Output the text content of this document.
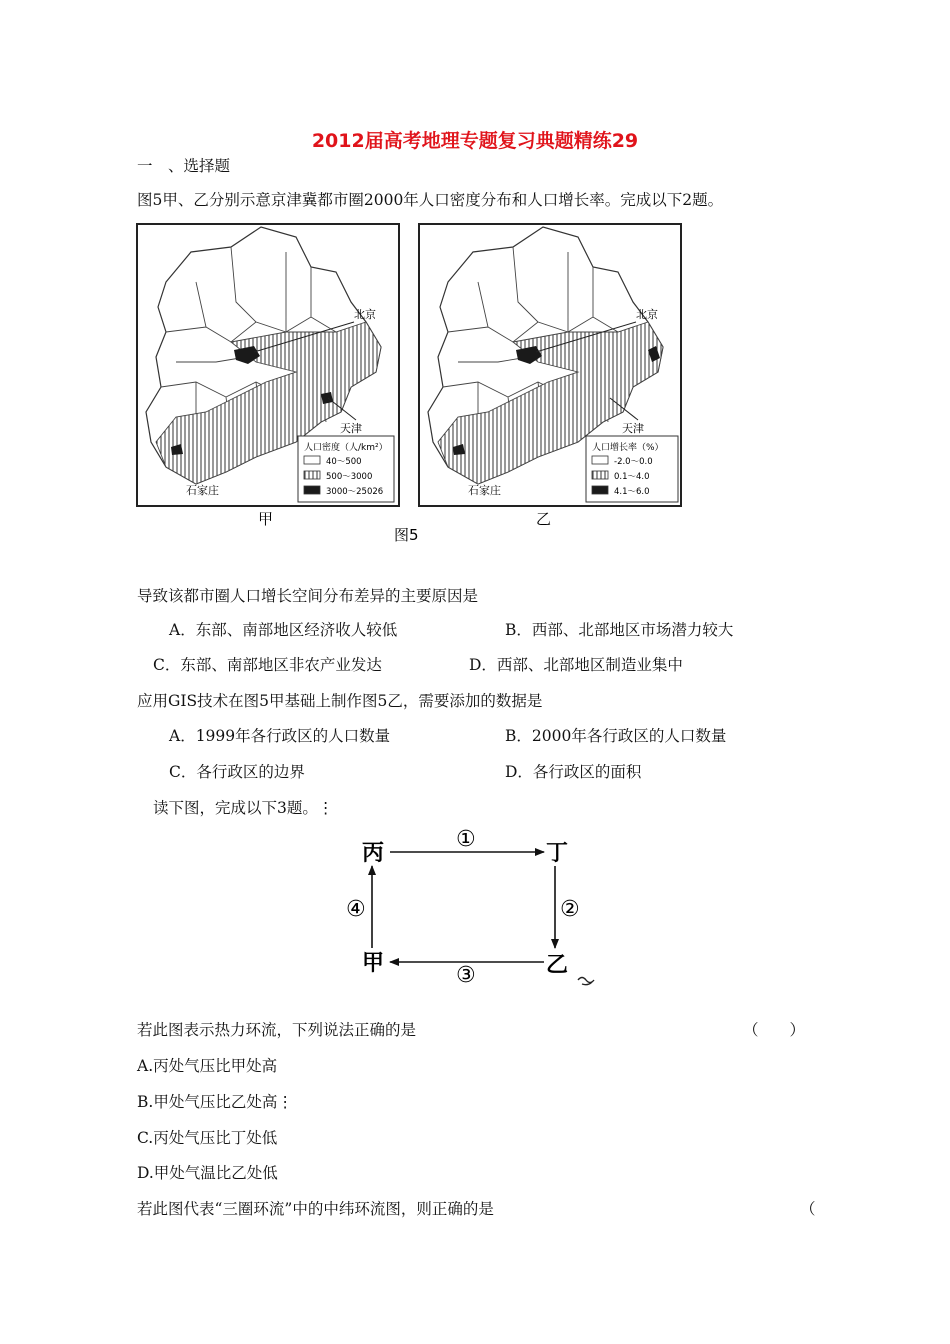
2012届高考地理专题复习典题精练29
一　、选择题
图5甲、乙分别示意京津冀都市圈2000年人口密度分布和人口增长率。完成以下2题。
北京
天津
石家庄
人口密度（人/km²）
40～500
500～3000
3000～25026
甲
北京
天津
石家庄
人口增长率（%）
-2.0～0.0
0.1～4.0
4.1～6.0
乙
图5
导致该都市圈人口增长空间分布差异的主要原因是
A．东部、南部地区经济收人较低	B．西部、北部地区市场潜力较大
C．东部、南部地区非农产业发达	D．西部、北部地区制造业集中
应用GIS技术在图5甲基础上制作图5乙，需要添加的数据是
A．1999年各行政区的人口数量	B．2000年各行政区的人口数量
C．各行政区的边界	D．各行政区的面积
读下图，完成以下3题。⋮
丙	丁
甲	乙
①
②
③
④
若此图表示热力环流，下列说法正确的是	（　　）
A.丙处气压比甲处高
B.甲处气压比乙处高⋮
C.丙处气压比丁处低
D.甲处气温比乙处低
若此图代表“三圈环流”中的中纬环流图，则正确的是	（
